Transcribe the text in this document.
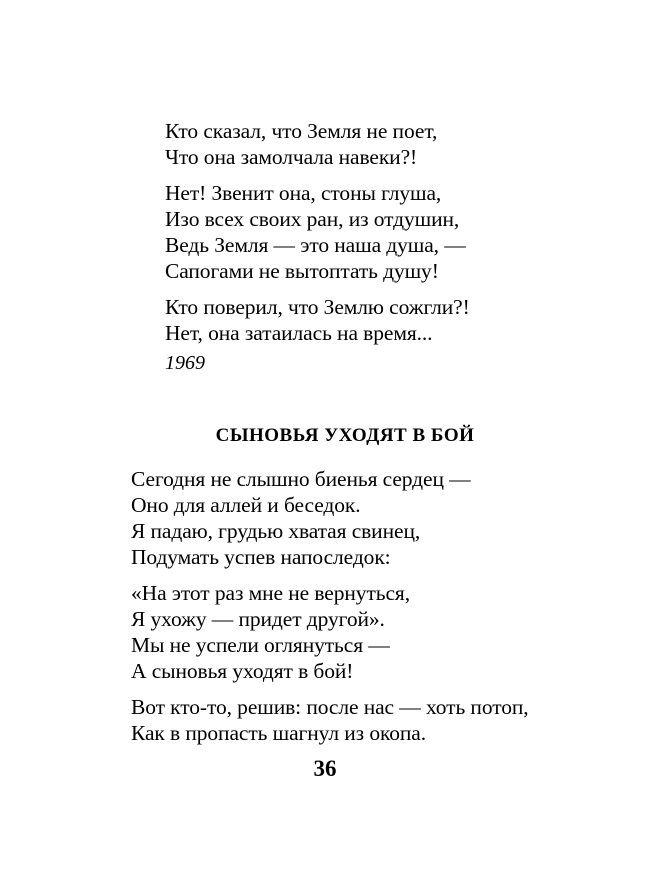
Кто сказал, что Земля не поет,
Что она замолчала навеки?!
Нет! Звенит она, стоны глуша,
Изо всех своих ран, из отдушин,
Ведь Земля — это наша душа, —
Сапогами не вытоптать душу!
Кто поверил, что Землю сожгли?!
Нет, она затаилась на время...
1969
СЫНОВЬЯ УХОДЯТ В БОЙ
Сегодня не слышно биенья сердец —
Оно для аллей и беседок.
Я падаю, грудью хватая свинец,
Подумать успев напоследок:
«На этот раз мне не вернуться,
Я ухожу — придет другой».
Мы не успели оглянуться —
А сыновья уходят в бой!
Вот кто-то, решив: после нас — хоть потоп,
Как в пропасть шагнул из окопа.
36
